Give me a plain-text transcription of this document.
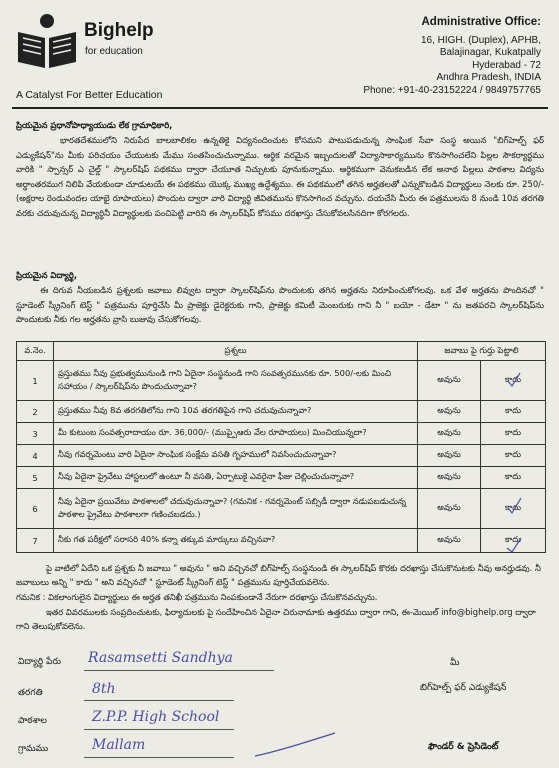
Bighelp
for education
A Catalyst For Better Education
Administrative Office:
16, HIGH. (Duplex), APHB,
Balajinagar, Kukatpally
Hyderabad - 72
Andhra Pradesh, INDIA
Phone: +91-40-23152224 / 9849757765
ప్రియమైన ప్రధానోపాధ్యాయుడు లేక గ్రామాధికారి,
భారతదేశములోని నిరుపేద బాలబాలికల ఉన్నతికై విద్యనందించుట కోసమని పాటుపడుచున్న సాంఘిక సేవా సంస్థ అయిన "బిగ్‌హెల్ప్ ఫర్ ఎడ్యుకేషన్"ను మీకు పరిచయం చేయుటకు మేము సంతసించుచున్నాము. ఆర్థిక వరమైన ఇబ్బందులతో విద్యాసాకార్యమును కొనసాగించలేని పిల్లల సౌకర్యార్థము వారికి " స్పాన్సర్ ఎ చైల్డ్ " స్కాలర్‌షిప్ పథకము ద్వారా చేయూత నిచ్చుటకు పూనుకున్నాము. ఆర్థికముగా వెనుకబడిన లేక అనాథ పిల్లలు పాఠశాల విద్యను అర్థాంతరముగ నిలిపి వేయకుండా చూడుటయే ఈ పథకము యొక్క ముఖ్య ఉద్దేశ్యము. ఈ పథకములో తగిన అర్హతలతో ఎన్నుకొబడిన విద్యార్థులు నెలకు రూ. 250/- (అక్షరాల రెండువందల యాభై రూపాయలు) పొందుట ద్వారా వారి విద్యార్థి జీవితమును కొనసాగించ వచ్చును. దయచేసి మీరు ఈ పత్రములను 8 నుండి 10వ తరగతి వరకు చదువుచున్న విద్యార్థినీ విద్యార్థులకు పంచిపెట్టి వారిని ఈ స్కాలర్‌షిప్ కోసము దరఖాస్తు చేసుకోవలసినదిగా కోరగలరు.
ప్రియమైన విద్యార్థి,
ఈ దిగువ నీయబడిన ప్రశ్నలకు జవాబు లివ్వుట ద్వారా స్కాలర్‌షిప్‌ను పొందుటకు తగిన అర్హతను నిరూపించుకోగలవు. ఒక వేళ అర్హతను పొందినచో " స్టూడెంట్ స్క్రీనింగ్ టెస్ట్ " పత్రమును పూర్తిచేసి మీ ప్రాజెక్టు డైరెక్టరుకు గాని, ప్రాజెక్టు కమిటీ మెంబరుకు గాని నీ " బయో - డేటా " ను జతపరచి స్కాలర్‌షిప్‌ను పొందుటకు నీకు గల అర్హతను వ్రాసి బుజువు చేసుకోగలవు.
వ.నెం.	ప్రశ్నలు	జవాబు పై గుర్తు పెట్టాలి	
1	ప్రస్తుతము నీవు ప్రభుత్వమునుండి గాని ఏదైనా సంస్థనుండి గాని సంవత్సరమునకు రూ. 500/-లకు మించి సహాయం / స్కాలర్‌షిప్‌ను పొందుచున్నావా?	అవును	కాదు
2	ప్రస్తుతము నీవు 8వ తరగతిలోను గాని 10వ తరగతిపైన గాని చదువుచున్నావా?	అవును	కాదు
3	మీ కుటుంబ సంవత్సరాదాయం రూ. 36,000/- (ముప్పైఆరు వేల రూపాయలు) మించియున్నదా?	అవును	కాదు
4	నీవు గవర్నమెంటు వారి ఏదైనా సాంఘిక సంక్షేమ వసతి గృహములో నివసించుచున్నావా?	అవును	కాదు
5	నీవు ఏదైనా ప్రైవేటు హాస్టలులో ఉంటూ నీ వసతి, ఏర్పాటుకై ఎవరైనా ఫీజు చెల్లించుచున్నావా?	అవును	కాదు
6	నీవు ఏదైనా ప్రయివేటు పాఠశాలలో చదువుచున్నావా? (గమనిక - గవర్నమెంట్ సబ్సిడీ ద్వారా నడుపబడుచున్న పాఠశాల ప్రైవేటు పాఠశాలగా గణించబడదు.)	అవును	కాదు
7	నీకు గత పరీక్షలో సరాసరి 40% కన్నా తక్కువ మార్కులు వచ్చినవా?	అవును	కాదు
పై వాటిలో ఏదేని ఒక ప్రశ్నకు నీ జవాబు " అవును " అని వచ్చినచో బిగ్‌హెల్ప్ సంస్థనుండి ఈ స్కాలర్‌షిప్ కొరకు దరఖాస్తు చేసుకొనుటకు నీవు అనర్హుడవు. నీ జవాబులు అన్ని " కాదు " అని వచ్చినచో " స్టూడెంట్ స్క్రీనింగ్ టెస్ట్ " పత్రమును పూర్తిచేయవలెను.
గమనిక : వికలాంగులైన విద్యార్థులు ఈ అర్హత తనిఖీ పత్రమును నింపకుండానే నేరుగా దరఖాస్తు చేసుకొనవచ్చును.
ఇతర వివరములకు సంప్రదించుటకు, ఫిర్యాదులకు పై సందేహించిన ఏదైనా చిరునామాకు ఉత్తరము ద్వారా గాని, ఈ-మెయిల్ info@bighelp.org ద్వారా గాని తెలుపుకోవలెను.
విద్యార్థి పేరు Rasamsetti Sandhya
తరగతి	8th
పాఠశాల	Z.P.P. High School
గ్రామము	Mallam
మీ
బిగ్‌హెల్ప్ ఫర్ ఎడ్యుకేషన్
ఫౌండర్ & ప్రెసిడెంట్
